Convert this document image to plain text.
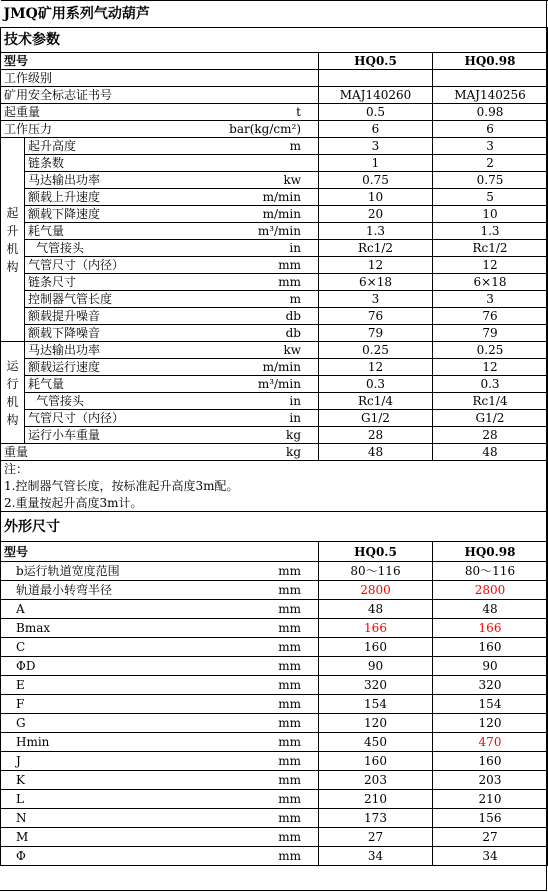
JMQ矿用系列气动葫芦			
技术参数			
型号		HQ0.5	HQ0.98
工作级别	

矿用安全标志证书号		MAJ140260	MAJ140256
起重量 t		0.5	0.98
工作压力 bar(kg/cm²)		6	6

起
升
机
构	起升高度 m	3	3
	链条数	1	2
	马达输出功率 kw	0.75	0.75
	额载上升速度 m/min	10	5
	额载下降速度 m/min	20	10
	耗气量 m³/min	1.3	1.3
	气管接头 in	Rc1/2	Rc1/2
	气管尺寸（内径） mm	12	12
	链条尺寸 mm	6×18	6×18
	控制器气管长度 m	3	3
	额载提升噪音 db	76	76
	额载下降噪音 db	79	79

运
行
机
构	马达输出功率 kw	0.25	0.25
	额载运行速度 m/min	12	12
	耗气量 m³/min	0.3	0.3
	气管接头 in	Rc1/4	Rc1/4
	气管尺寸（内径） in	G1/2	G1/2
	运行小车重量 kg	28	28
重量 kg		48	48
注：			
1.控制器气管长度，按标准起升高度3m配。			
2.重量按起升高度3m计。			
外形尺寸			
型号		HQ0.5	HQ0.98
b运行轨道宽度范围 mm		80～116	80～116
轨道最小转弯半径 mm		2800	2800
A mm		48	48
Bmax mm		166	166
C mm		160	160
ΦD mm		90	90
E mm		320	320
F mm		154	154
G mm		120	120
Hmin mm		450	470
J mm		160	160
K mm		203	203
L mm		210	210
N mm		173	156
M mm		27	27
Φ mm		34	34
